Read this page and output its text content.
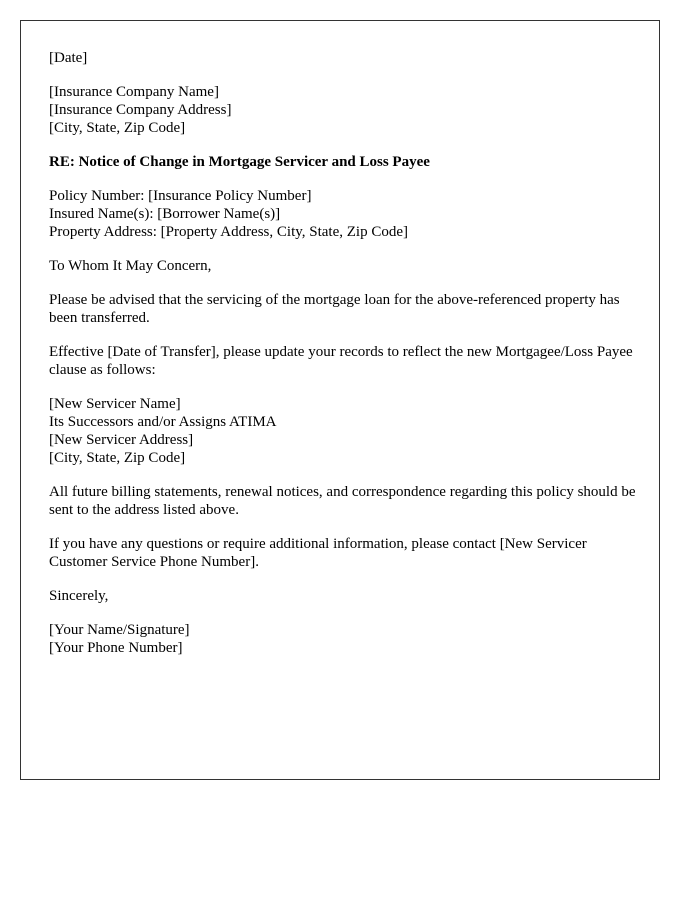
[Date]
[Insurance Company Name]
[Insurance Company Address]
[City, State, Zip Code]
RE: Notice of Change in Mortgage Servicer and Loss Payee
Policy Number: [Insurance Policy Number]
Insured Name(s): [Borrower Name(s)]
Property Address: [Property Address, City, State, Zip Code]
To Whom It May Concern,
Please be advised that the servicing of the mortgage loan for the above-referenced property has been transferred.
Effective [Date of Transfer], please update your records to reflect the new Mortgagee/Loss Payee clause as follows:
[New Servicer Name]
Its Successors and/or Assigns ATIMA
[New Servicer Address]
[City, State, Zip Code]
All future billing statements, renewal notices, and correspondence regarding this policy should be sent to the address listed above.
If you have any questions or require additional information, please contact [New Servicer Customer Service Phone Number].
Sincerely,
[Your Name/Signature]
[Your Phone Number]
